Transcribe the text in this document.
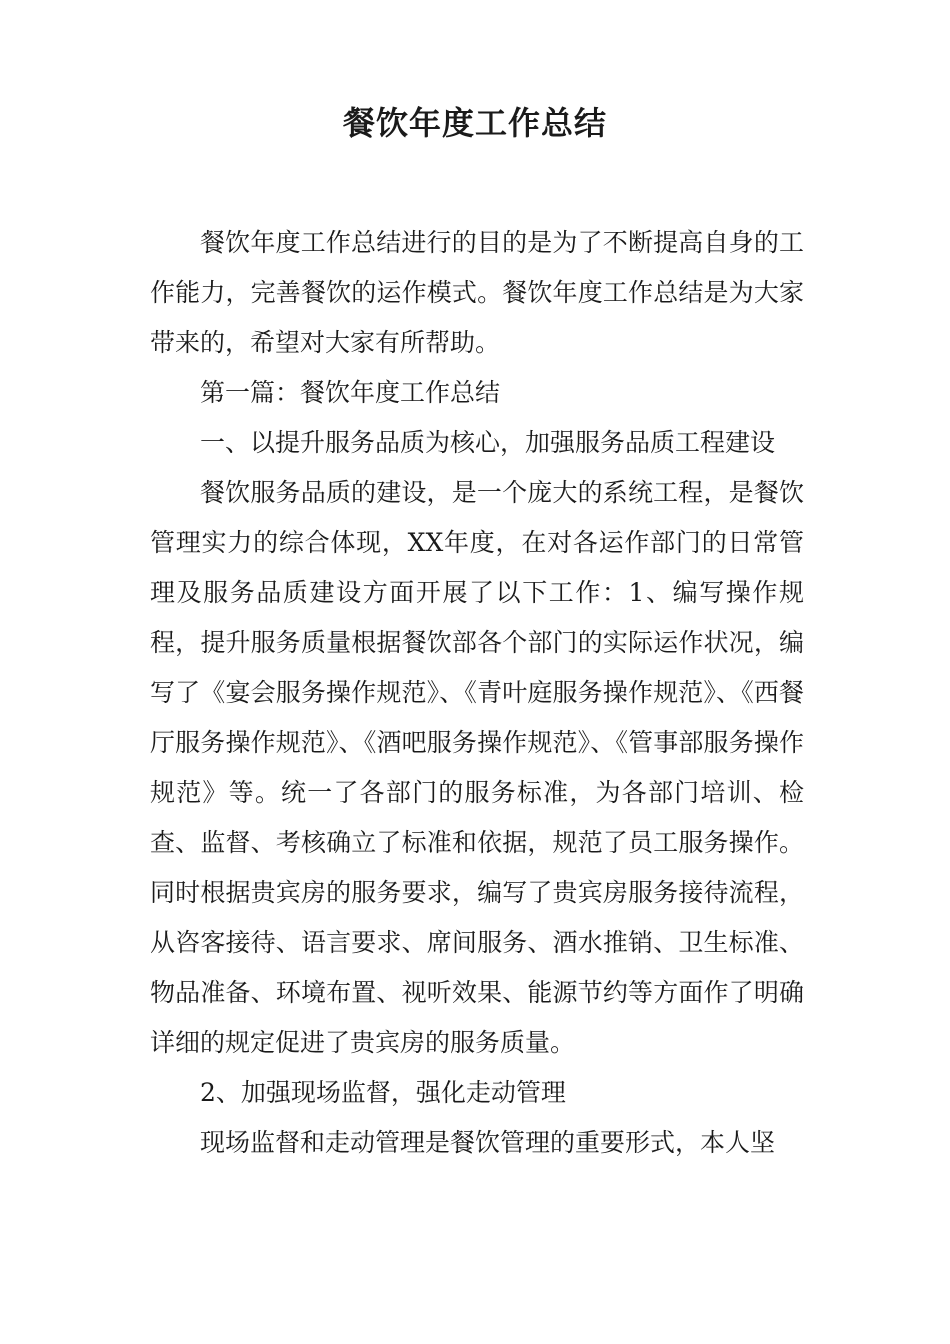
餐饮年度工作总结

餐饮年度工作总结进行的目的是为了不断提高自身的工作能力，完善餐饮的运作模式。餐饮年度工作总结是为大家带来的，希望对大家有所帮助。

第一篇：餐饮年度工作总结

一、以提升服务品质为核心，加强服务品质工程建设

餐饮服务品质的建设，是一个庞大的系统工程，是餐饮管理实力的综合体现，XX年度，在对各运作部门的日常管理及服务品质建设方面开展了以下工作：1、编写操作规程，提升服务质量根据餐饮部各个部门的实际运作状况，编写了《宴会服务操作规范》、《青叶庭服务操作规范》、《西餐厅服务操作规范》、《酒吧服务操作规范》、《管事部服务操作规范》等。统一了各部门的服务标准，为各部门培训、检查、监督、考核确立了标准和依据，规范了员工服务操作。同时根据贵宾房的服务要求，编写了贵宾房服务接待流程，从咨客接待、语言要求、席间服务、酒水推销、卫生标准、物品准备、环境布置、视听效果、能源节约等方面作了明确详细的规定促进了贵宾房的服务质量。

2、加强现场监督，强化走动管理

现场监督和走动管理是餐饮管理的重要形式，本人坚
